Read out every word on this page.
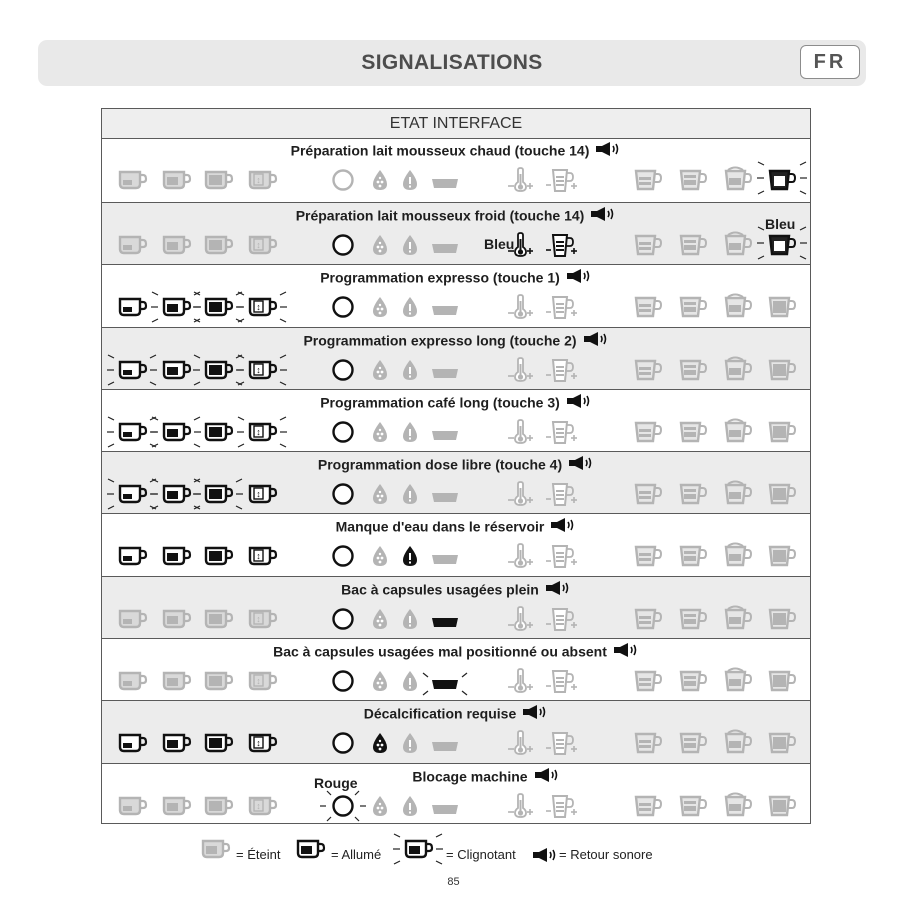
SIGNALISATIONS	FR
ETAT INTERFACE
Préparation lait mousseux chaud (touche 14)
↕
Préparation lait mousseux froid (touche 14)
↕	Bleu
Bleu
Programmation expresso (touche 1)
↕
Programmation expresso long (touche 2)
↕
Programmation café long (touche 3)
↕
Programmation dose libre (touche 4)
↕
Manque d'eau dans le réservoir
↕
Bac à capsules usagées plein
↕
Bac à capsules usagées mal positionné ou absent
↕
Décalcification requise
↕
Blocage machine
↕
Rouge
= Éteint	= Allumé	= Clignotant	= Retour sonore
85
